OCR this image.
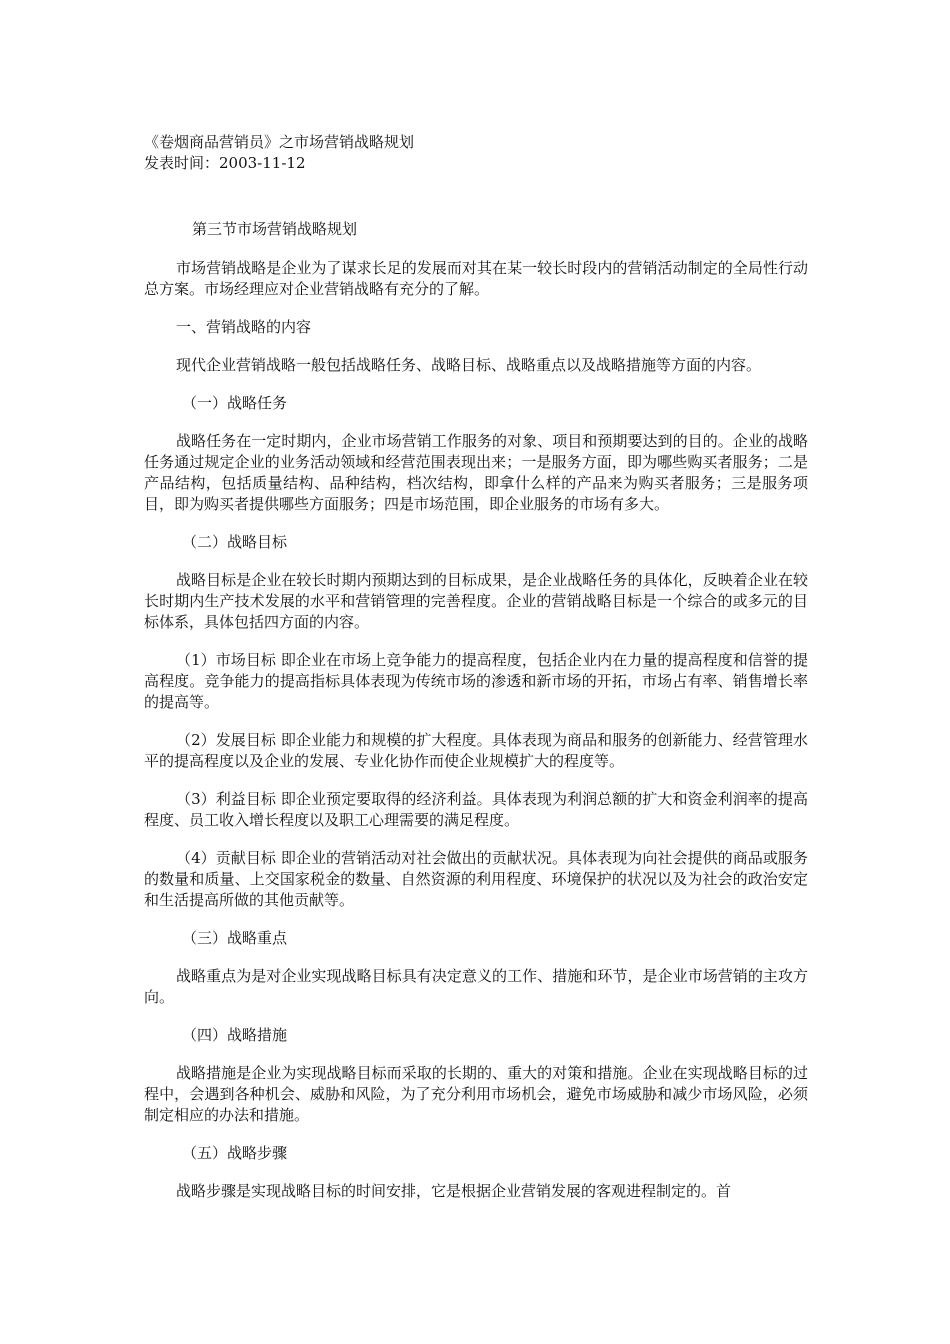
《卷烟商品营销员》之市场营销战略规划
发表时间：2003-11-12
第三节市场营销战略规划

市场营销战略是企业为了谋求长足的发展而对其在某一较长时段内的营销活动制定的全局性行动总方案。市场经理应对企业营销战略有充分的了解。

一、营销战略的内容

现代企业营销战略一般包括战略任务、战略目标、战略重点以及战略措施等方面的内容。

（一）战略任务

战略任务在一定时期内，企业市场营销工作服务的对象、项目和预期要达到的目的。企业的战略任务通过规定企业的业务活动领域和经营范围表现出来；一是服务方面，即为哪些购买者服务；二是产品结构，包括质量结构、品种结构，档次结构，即拿什么样的产品来为购买者服务；三是服务项目，即为购买者提供哪些方面服务；四是市场范围，即企业服务的市场有多大。

（二）战略目标

战略目标是企业在较长时期内预期达到的目标成果，是企业战略任务的具体化，反映着企业在较长时期内生产技术发展的水平和营销管理的完善程度。企业的营销战略目标是一个综合的或多元的目标体系，具体包括四方面的内容。

（1）市场目标 即企业在市场上竞争能力的提高程度，包括企业内在力量的提高程度和信誉的提高程度。竞争能力的提高指标具体表现为传统市场的渗透和新市场的开拓，市场占有率、销售增长率的提高等。

（2）发展目标 即企业能力和规模的扩大程度。具体表现为商品和服务的创新能力、经营管理水平的提高程度以及企业的发展、专业化协作而使企业规模扩大的程度等。

（3）利益目标 即企业预定要取得的经济利益。具体表现为利润总额的扩大和资金利润率的提高程度、员工收入增长程度以及职工心理需要的满足程度。

（4）贡献目标 即企业的营销活动对社会做出的贡献状况。具体表现为向社会提供的商品或服务的数量和质量、上交国家税金的数量、自然资源的利用程度、环境保护的状况以及为社会的政治安定和生活提高所做的其他贡献等。

（三）战略重点

战略重点为是对企业实现战略目标具有决定意义的工作、措施和环节，是企业市场营销的主攻方向。

（四）战略措施

战略措施是企业为实现战略目标而采取的长期的、重大的对策和措施。企业在实现战略目标的过程中，会遇到各种机会、威胁和风险，为了充分利用市场机会，避免市场威胁和减少市场风险，必须制定相应的办法和措施。

（五）战略步骤

战略步骤是实现战略目标的时间安排，它是根据企业营销发展的客观进程制定的。首
